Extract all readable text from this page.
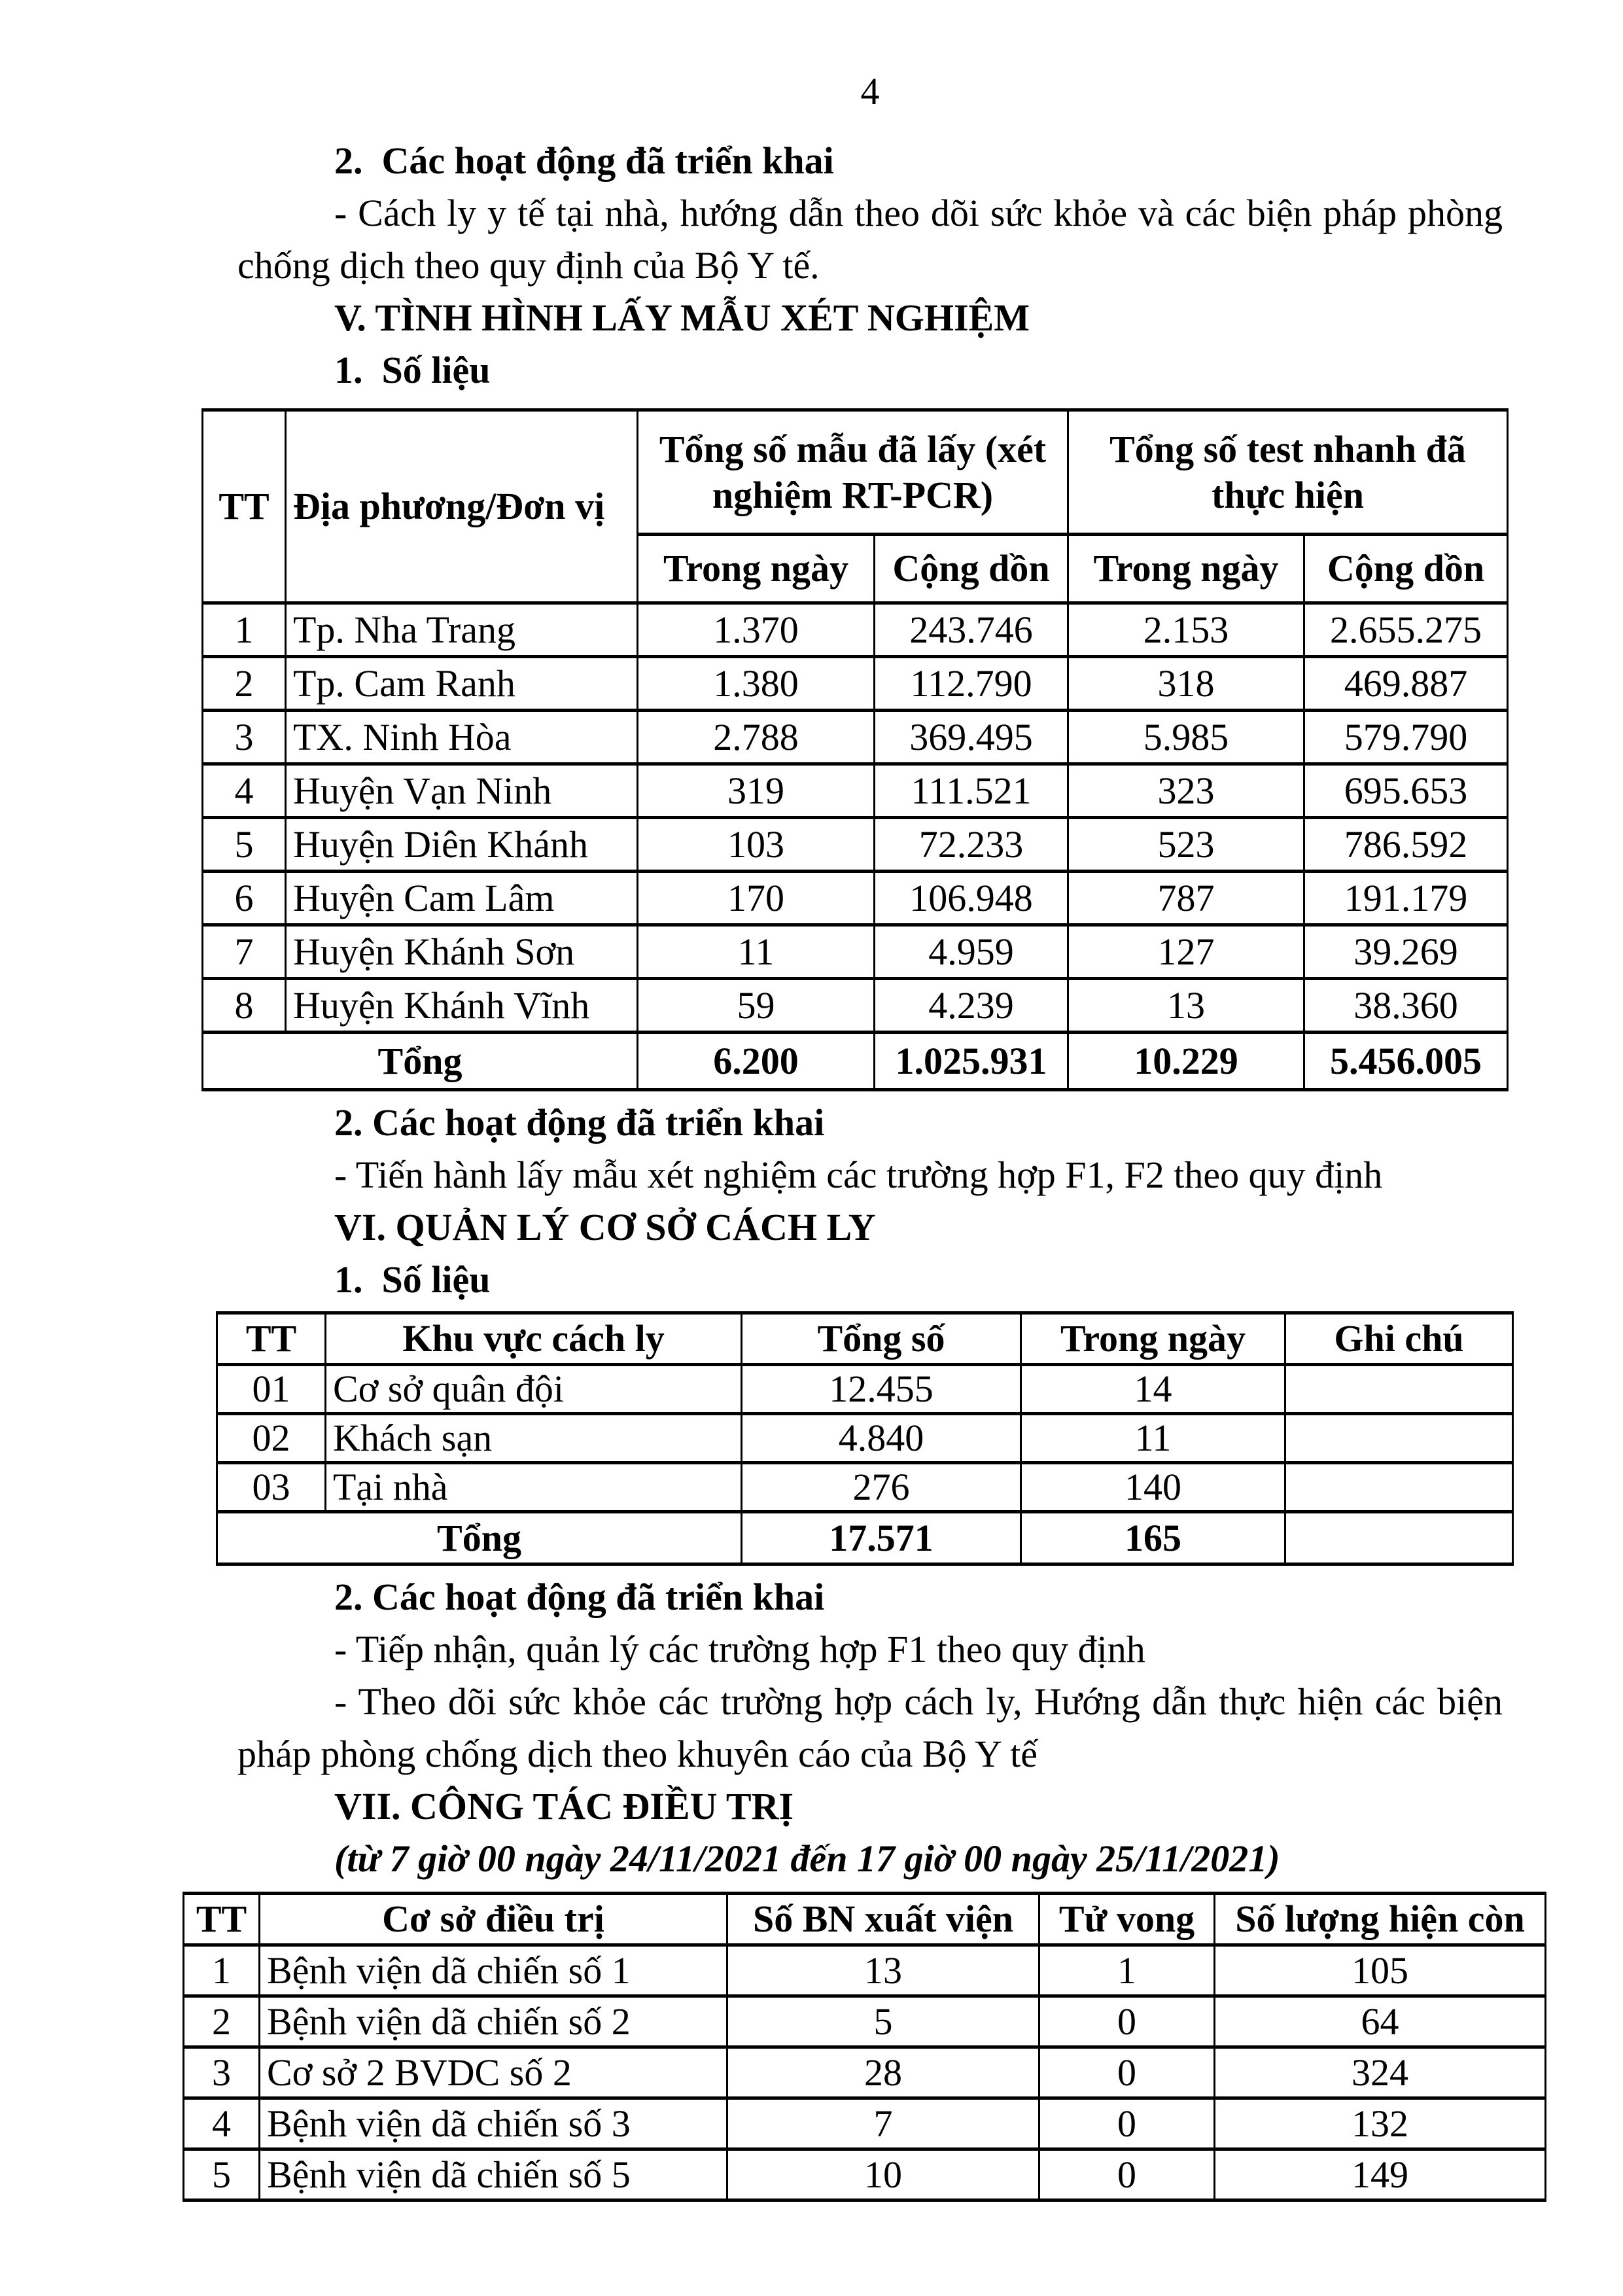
4

2.  Các hoạt động đã triển khai

- Cách ly y tế tại nhà, hướng dẫn theo dõi sức khỏe và các biện pháp phòng chống dịch theo quy định của Bộ Y tế.

V. TÌNH HÌNH LẤY MẪU XÉT NGHIỆM

1.  Số liệu

TT	Địa phương/Đơn vị	Tổng số mẫu đã lấy (xét nghiệm RT-PCR)		Tổng số test nhanh đã thực hiện	
		Trong ngày	Cộng dồn	Trong ngày	Cộng dồn
1	Tp. Nha Trang	1.370	243.746	2.153	2.655.275
2	Tp. Cam Ranh	1.380	112.790	318	469.887
3	TX. Ninh Hòa	2.788	369.495	5.985	579.790
4	Huyện Vạn Ninh	319	111.521	323	695.653
5	Huyện Diên Khánh	103	72.233	523	786.592
6	Huyện Cam Lâm	170	106.948	787	191.179
7	Huyện Khánh Sơn	11	4.959	127	39.269
8	Huyện Khánh Vĩnh	59	4.239	13	38.360
Tổng		6.200	1.025.931	10.229	5.456.005

2. Các hoạt động đã triển khai

- Tiến hành lấy mẫu xét nghiệm các trường hợp F1, F2 theo quy định

VI. QUẢN LÝ CƠ SỞ CÁCH LY

1.  Số liệu

TT	Khu vực cách ly	Tổng số	Trong ngày	Ghi chú
01	Cơ sở quân đội	12.455	14	
02	Khách sạn	4.840	11	
03	Tại nhà	276	140	
Tổng		17.571	165	

2. Các hoạt động đã triển khai

- Tiếp nhận, quản lý các trường hợp F1 theo quy định

- Theo dõi sức khỏe các trường hợp cách ly, Hướng dẫn thực hiện các biện pháp phòng chống dịch theo khuyên cáo của Bộ Y tế

VII. CÔNG TÁC ĐIỀU TRỊ

(từ 7 giờ 00 ngày 24/11/2021 đến 17 giờ 00 ngày 25/11/2021)

TT	Cơ sở điều trị	Số BN xuất viện	Tử vong	Số lượng hiện còn
1	Bệnh viện dã chiến số 1	13	1	105
2	Bệnh viện dã chiến số 2	5	0	64
3	Cơ sở 2 BVDC số 2	28	0	324
4	Bệnh viện dã chiến số 3	7	0	132
5	Bệnh viện dã chiến số 5	10	0	149
